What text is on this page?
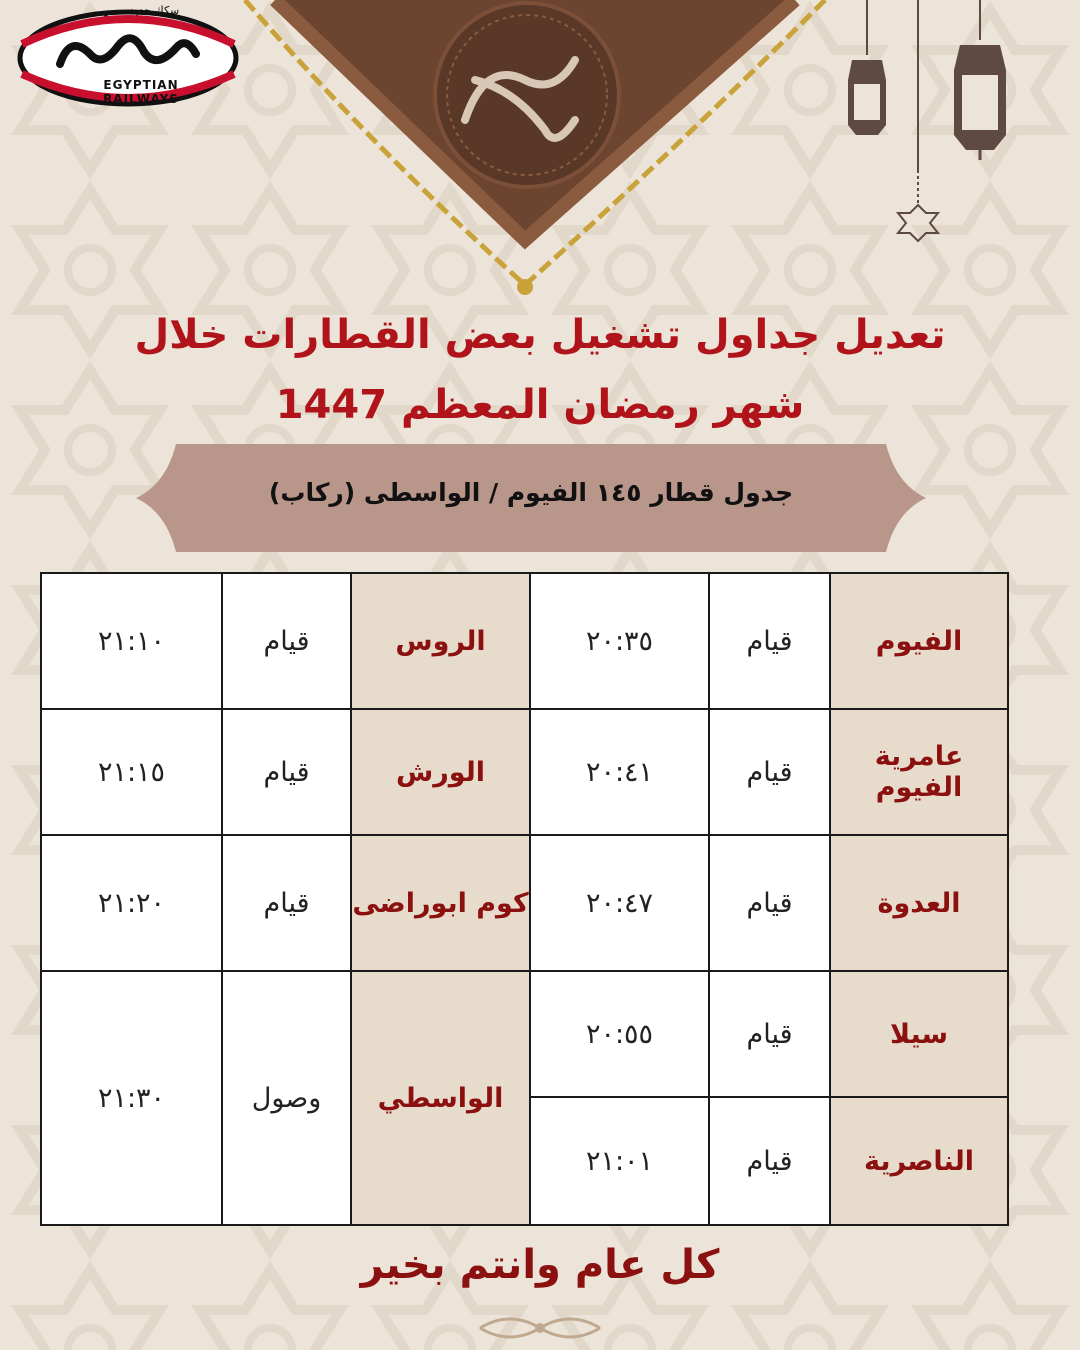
سكك حديد مصر
EGYPTIAN RAILWAYS
تعديل جداول تشغيل بعض القطارات خلال
شهر رمضان المعظم 1447
جدول قطار ١٤٥ الفيوم / الواسطى (ركاب)
الفيوم	قيام	٢٠:٣٥	الروس	قيام	٢١:١٠
عامرية الفيوم	قيام	٢٠:٤١	الورش	قيام	٢١:١٥
العدوة	قيام	٢٠:٤٧	كوم ابوراضى	قيام	٢١:٢٠
سيلا	قيام	٢٠:٥٥	الواسطي	وصول	٢١:٣٠
الناصرية	قيام	٢١:٠١			
كل عام وانتم بخير
